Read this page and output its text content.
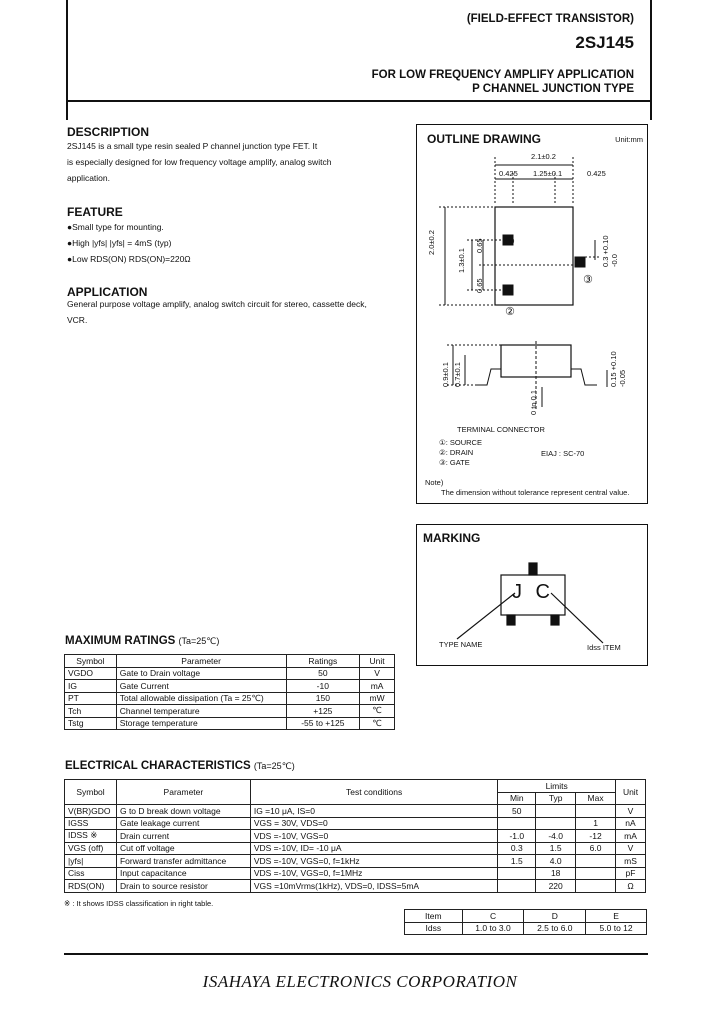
(FIELD-EFFECT TRANSISTOR)
2SJ145
FOR LOW FREQUENCY AMPLIFY APPLICATION
P CHANNEL JUNCTION TYPE
DESCRIPTION
2SJ145 is a small type resin sealed P channel junction type FET. It
is especially designed for low frequency voltage amplify, analog switch
application.
FEATURE
●Small type for mounting.
●High |yfs| |yfs| = 4mS (typ)
●Low RDS(ON) RDS(ON)=220Ω
APPLICATION
General purpose voltage amplify, analog switch circuit for stereo, cassette deck,
VCR.
OUTLINE DRAWING	Unit:mm
2.1±0.2
0.425 1.25±0.1	0.425
2.0±0.2
1.3±0.1
0.65
0.65
0.3 +0.10 -0.0
①
②
③
0.9±0.1 0.7±0.1	0.15 +0.10 -0.05
0 to 0.1
TERMINAL CONNECTOR
①: SOURCE
②: DRAIN
③: GATE
EIAJ : SC-70
Note)
The dimension without tolerance represent central value.
MARKING
J C
TYPE NAME	Idss ITEM
MAXIMUM RATINGS (Ta=25℃)
Symbol	Parameter	Ratings	Unit
VGDO	Gate to Drain voltage	50	V
IG	Gate Current	-10	mA
PT	Total allowable dissipation (Ta = 25℃)	150	mW
Tch	Channel temperature	+125	℃
Tstg	Storage temperature	-55 to +125	℃
ELECTRICAL CHARACTERISTICS (Ta=25℃)
Symbol	Parameter	Test conditions	Limits			Unit
			Min	Typ	Max	
V(BR)GDO	G to D break down voltage	IG =10 μA, IS=0	50			V
IGSS	Gate leakage current	VGS = 30V, VDS=0			1	nA
IDSS ※	Drain current	VDS =-10V, VGS=0	-1.0	-4.0	-12	mA
VGS (off)	Cut off voltage	VDS =-10V, ID= -10 μA	0.3	1.5	6.0	V
|yfs|	Forward transfer admittance	VDS =-10V, VGS=0, f=1kHz	1.5	4.0		mS
Ciss	Input capacitance	VDS =-10V, VGS=0, f=1MHz		18		pF
RDS(ON)	Drain to source resistor	VGS =10mVrms(1kHz), VDS=0, IDSS=5mA		220		Ω
※ : It shows IDSS classification in right table.
Item	C	D	E
Idss	1.0 to 3.0	2.5 to 6.0	5.0 to 12
ISAHAYA ELECTRONICS CORPORATION
